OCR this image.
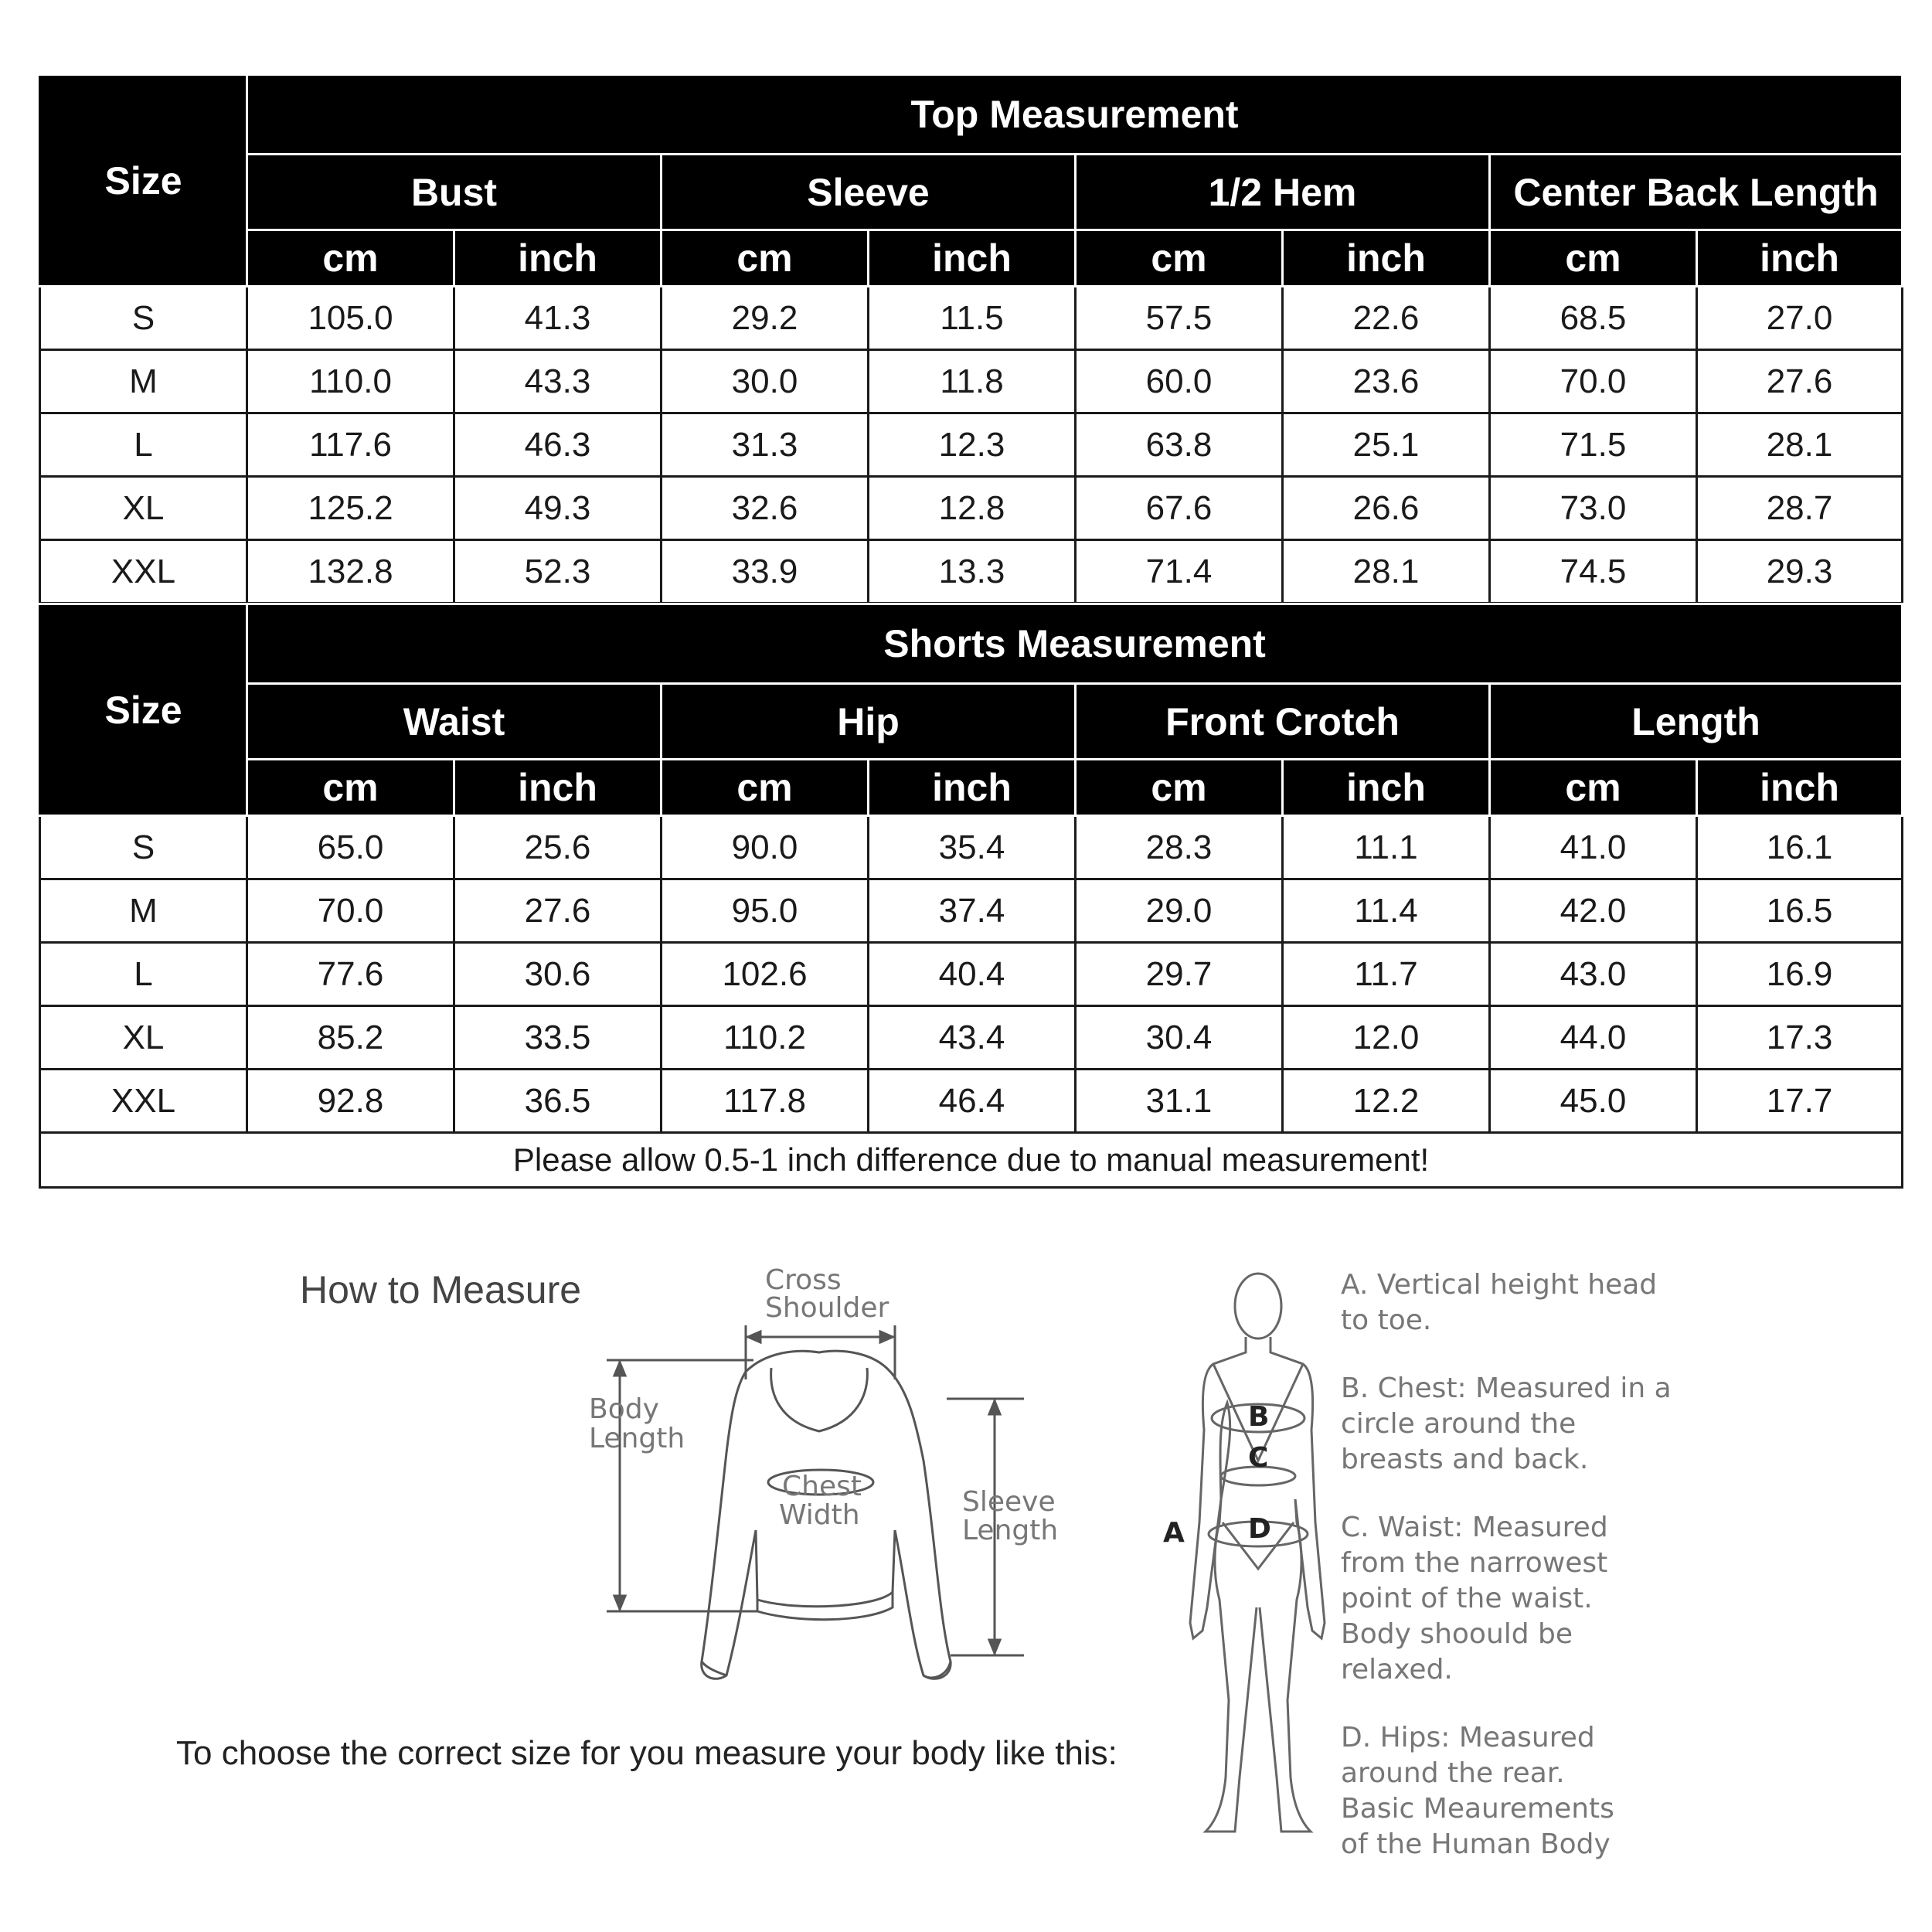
Size	Top Measurement							
	Bust		Sleeve		1/2 Hem		Center Back Length	
	cm	inch	cm	inch	cm	inch	cm	inch
S	105.0	41.3	29.2	11.5	57.5	22.6	68.5	27.0
M	110.0	43.3	30.0	11.8	60.0	23.6	70.0	27.6
L	117.6	46.3	31.3	12.3	63.8	25.1	71.5	28.1
XL	125.2	49.3	32.6	12.8	67.6	26.6	73.0	28.7
XXL	132.8	52.3	33.9	13.3	71.4	28.1	74.5	29.3
Size	Shorts Measurement							
	Waist		Hip		Front Crotch		Length	
	cm	inch	cm	inch	cm	inch	cm	inch
S	65.0	25.6	90.0	35.4	28.3	11.1	41.0	16.1
M	70.0	27.6	95.0	37.4	29.0	11.4	42.0	16.5
L	77.6	30.6	102.6	40.4	29.7	11.7	43.0	16.9
XL	85.2	33.5	110.2	43.4	30.4	12.0	44.0	17.3
XXL	92.8	36.5	117.8	46.4	31.1	12.2	45.0	17.7
Please allow 0.5-1 inch difference due to manual measurement!								
How to Measure	Cross
Shoulder
Body
Length
Chest
Width	Sleeve
Length
To choose the correct size for you measure your body like this:
A
B
C
D
A. Vertical height head
to toe.
B. Chest: Measured in a
circle around the
breasts and back.
C. Waist: Measured
from the narrowest
point of the waist.
Body shoould be
relaxed.
D. Hips: Measured
around the rear.
Basic Meaurements
of the Human Body
